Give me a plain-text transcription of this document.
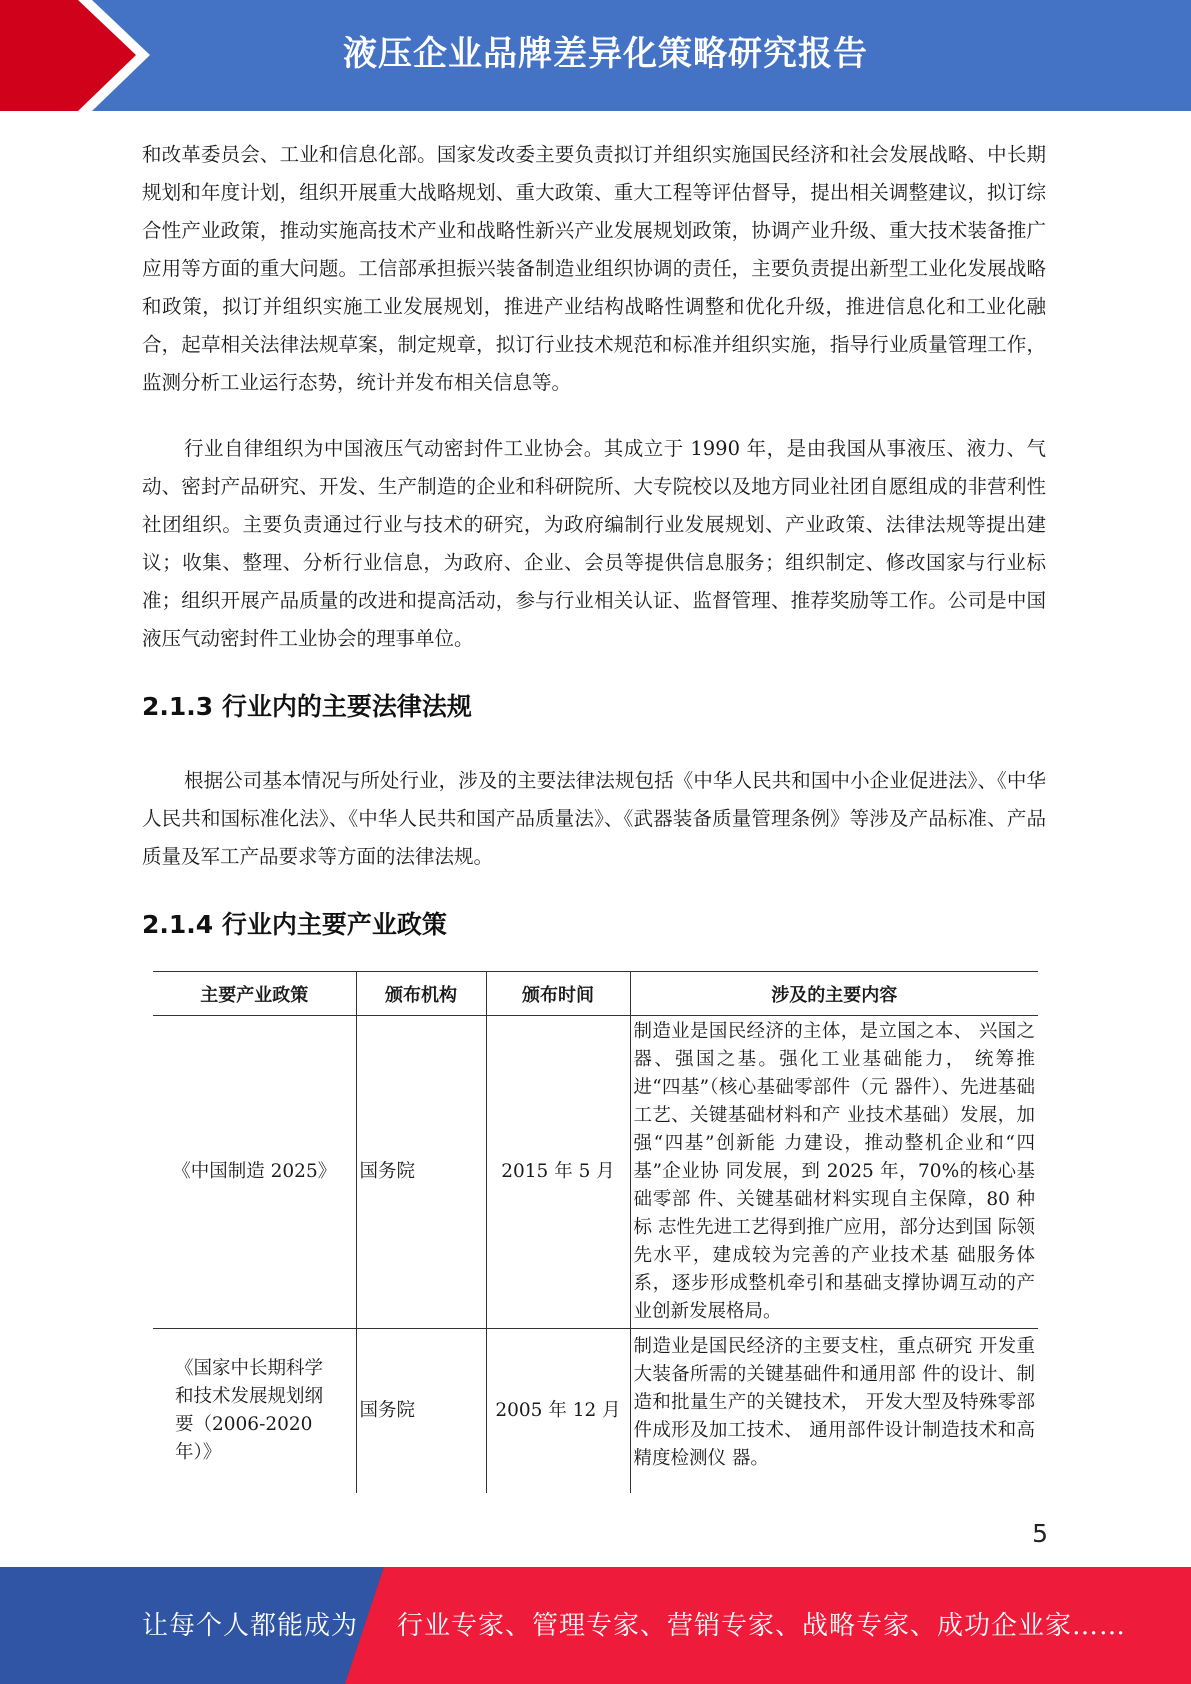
液压企业品牌差异化策略研究报告

和改革委员会、工业和信息化部。国家发改委主要负责拟订并组织实施国民经济和社会发展战略、中长期规划和年度计划，组织开展重大战略规划、重大政策、重大工程等评估督导，提出相关调整建议，拟订综合性产业政策，推动实施高技术产业和战略性新兴产业发展规划政策，协调产业升级、重大技术装备推广应用等方面的重大问题。工信部承担振兴装备制造业组织协调的责任，主要负责提出新型工业化发展战略和政策，拟订并组织实施工业发展规划，推进产业结构战略性调整和优化升级，推进信息化和工业化融合，起草相关法律法规草案，制定规章，拟订行业技术规范和标准并组织实施，指导行业质量管理工作，监测分析工业运行态势，统计并发布相关信息等。

行业自律组织为中国液压气动密封件工业协会。其成立于 1990 年，是由我国从事液压、液力、气动、密封产品研究、开发、生产制造的企业和科研院所、大专院校以及地方同业社团自愿组成的非营利性社团组织。主要负责通过行业与技术的研究，为政府编制行业发展规划、产业政策、法律法规等提出建议；收集、整理、分析行业信息，为政府、企业、会员等提供信息服务；组织制定、修改国家与行业标准；组织开展产品质量的改进和提高活动，参与行业相关认证、监督管理、推荐奖励等工作。公司是中国液压气动密封件工业协会的理事单位。

2.1.3 行业内的主要法律法规

根据公司基本情况与所处行业，涉及的主要法律法规包括《中华人民共和国中小企业促进法》、《中华人民共和国标准化法》、《中华人民共和国产品质量法》、《武器装备质量管理条例》等涉及产品标准、产品质量及军工产品要求等方面的法律法规。

2.1.4 行业内主要产业政策
主要产业政策	颁布机构	颁布时间	涉及的主要内容
《中国制造 2025》	国务院	2015 年 5 月	制造业是国民经济的主体，是立国之本、 兴国之器、强国之基。强化工业基础能力， 统筹推进“四基”（核心基础零部件（元 器件）、先进基础工艺、关键基础材料和产 业技术基础）发展，加强“四基”创新能 力建设，推动整机企业和“四基”企业协 同发展，到 2025 年，70%的核心基础零部 件、关键基础材料实现自主保障，80 种标 志性先进工艺得到推广应用，部分达到国 际领先水平，建成较为完善的产业技术基 础服务体系，逐步形成整机牵引和基础支撑协调互动的产业创新发展格局。
《国家中长期科学和技术发展规划纲要（2006-2020 年）》	国务院	2005 年 12 月	制造业是国民经济的主要支柱，重点研究 开发重大装备所需的关键基础件和通用部 件的设计、制造和批量生产的关键技术， 开发大型及特殊零部件成形及加工技术、 通用部件设计制造技术和高精度检测仪 器。
5
让每个人都能成为 行业专家、管理专家、营销专家、战略专家、成功企业家……
